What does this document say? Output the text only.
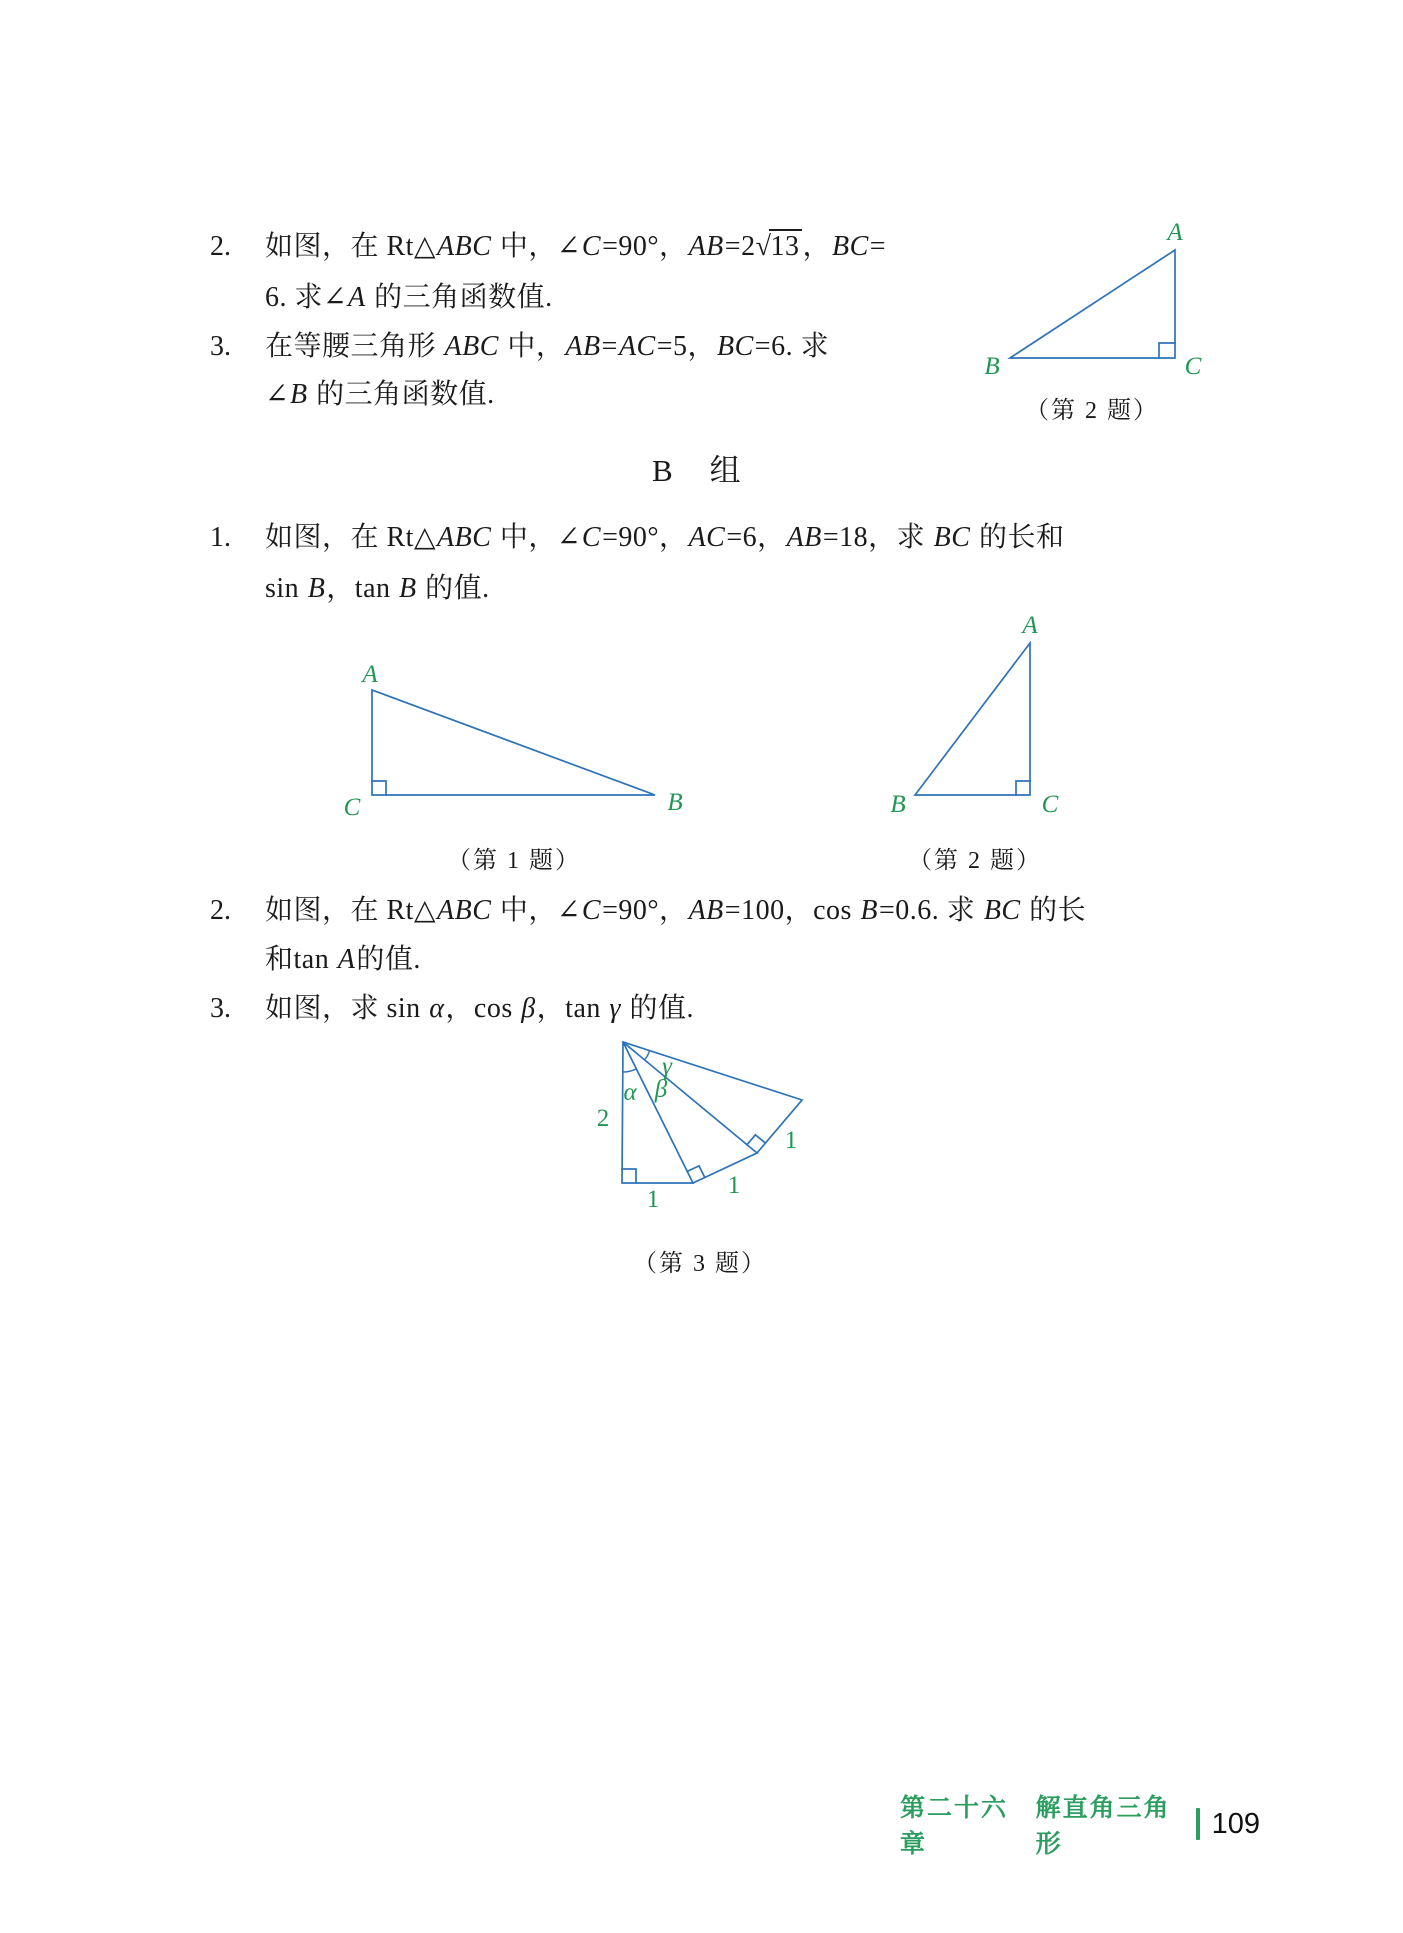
2. 如图，在 Rt△ABC 中，∠C=90°，AB=2√13 ，BC=
6. 求∠A 的三角函数值.
3. 在等腰三角形 ABC 中，AB=AC=5，BC=6. 求
∠B 的三角函数值.
A
B	C
（第 2 题）
B　组
1. 如图，在 Rt△ABC 中，∠C=90°，AC=6，AB=18，求 BC 的长和
sin B，tan B 的值.
A
C	B
（第 1 题）
A
B	C
（第 2 题）
2. 如图，在 Rt△ABC 中，∠C=90°，AB=100，cos B=0.6. 求 BC 的长
和tan A的值.
3. 如图，求 sin α，cos β，tan γ 的值.
α β
γ
2
1
1
1
（第 3 题）
第二十六章
解直角三角形
109
